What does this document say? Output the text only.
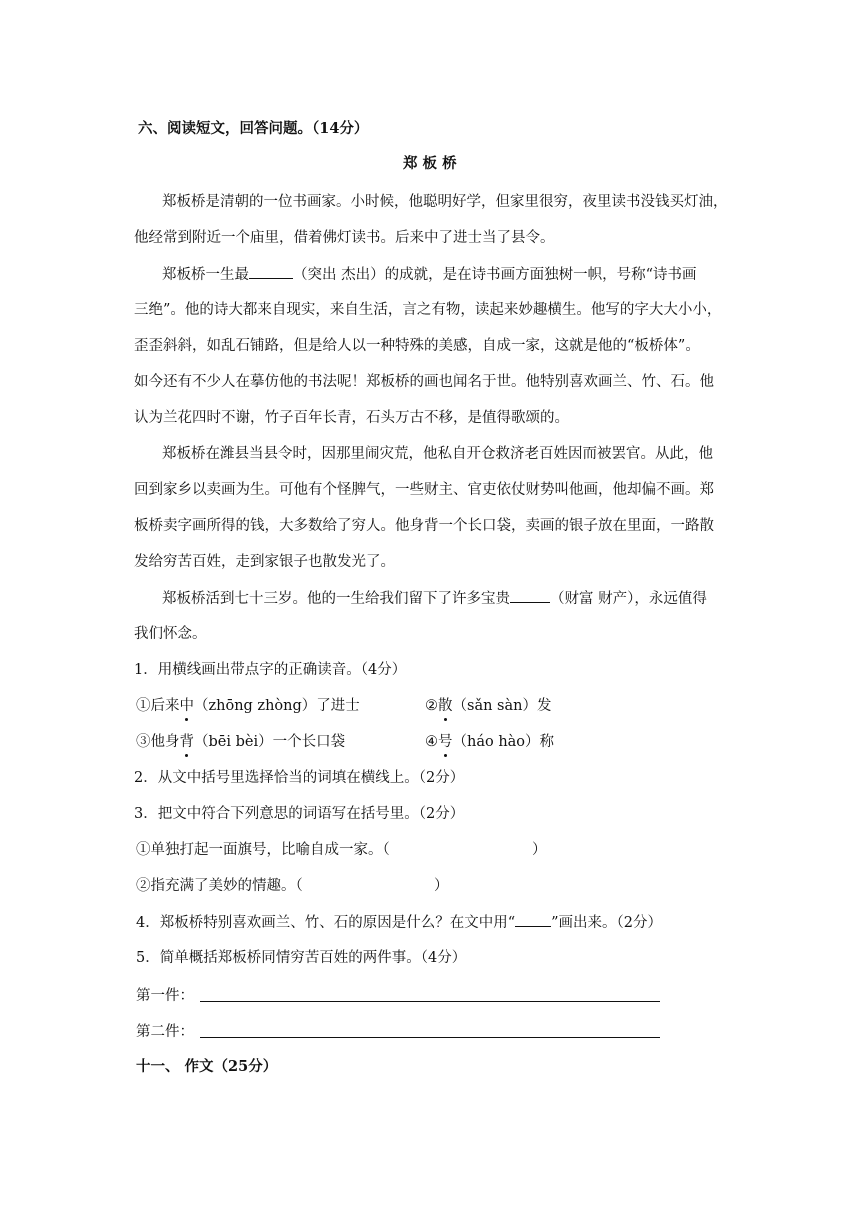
六、阅读短文，回答问题。（14分）
郑 板 桥
郑板桥是清朝的一位书画家。小时候，他聪明好学，但家里很穷，夜里读书没钱买灯油，
他经常到附近一个庙里，借着佛灯读书。后来中了进士当了县令。
郑板桥一生最	（突出 杰出）的成就，是在诗书画方面独树一帜，号称“诗书画
三绝”。他的诗大都来自现实，来自生活，言之有物，读起来妙趣横生。他写的字大大小小，
歪歪斜斜，如乱石铺路，但是给人以一种特殊的美感，自成一家，这就是他的“板桥体”。
如今还有不少人在摹仿他的书法呢！郑板桥的画也闻名于世。他特别喜欢画兰、竹、石。他
认为兰花四时不谢，竹子百年长青，石头万古不移，是值得歌颂的。
郑板桥在潍县当县令时，因那里闹灾荒，他私自开仓救济老百姓因而被罢官。从此，他
回到家乡以卖画为生。可他有个怪脾气，一些财主、官吏依仗财势叫他画，他却偏不画。郑
板桥卖字画所得的钱，大多数给了穷人。他身背一个长口袋，卖画的银子放在里面，一路散
发给穷苦百姓，走到家银子也散发光了。
郑板桥活到七十三岁。他的一生给我们留下了许多宝贵	（财富 财产），永远值得
我们怀念。
1．用横线画出带点字的正确读音。（4分）
①后来中（zhōng zhòng）了进士	②散（sǎn sàn）发
③他身背（bēi bèi）一个长口袋	④号（háo hào）称
2．从文中括号里选择恰当的词填在横线上。（2分）
3．把文中符合下列意思的词语写在括号里。（2分）
①单独打起一面旗号，比喻自成一家。（	）
②指充满了美妙的情趣。（	）
4．郑板桥特别喜欢画兰、竹、石的原因是什么？在文中用“ ”画出来。（2分）
5．简单概括郑板桥同情穷苦百姓的两件事。（4分）
第一件：
第二件：
十一、 作文（25分）
